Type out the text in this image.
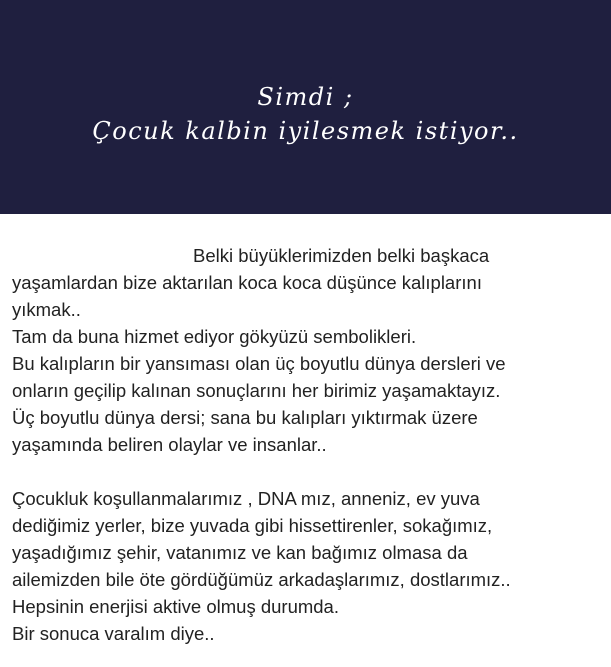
Simdi ;
Çocuk kalbin iyilesmek istiyor..
Belki büyüklerimizden belki başkaca
yaşamlardan bize aktarılan koca koca düşünce kalıplarını
yıkmak..
Tam da buna hizmet ediyor gökyüzü sembolikleri.
Bu kalıpların bir yansıması olan üç boyutlu dünya dersleri ve
onların geçilip kalınan sonuçlarını her birimiz yaşamaktayız.
Üç boyutlu dünya dersi; sana bu kalıpları yıktırmak üzere
yaşamında beliren olaylar ve insanlar..
Çocukluk koşullanmalarımız , DNA mız, anneniz, ev yuva
dediğimiz yerler, bize yuvada gibi hissettirenler, sokağımız,
yaşadığımız şehir, vatanımız ve kan bağımız olmasa da
ailemizden bile öte gördüğümüz arkadaşlarımız, dostlarımız..
Hepsinin enerjisi aktive olmuş durumda.
Bir sonuca varalım diye..
